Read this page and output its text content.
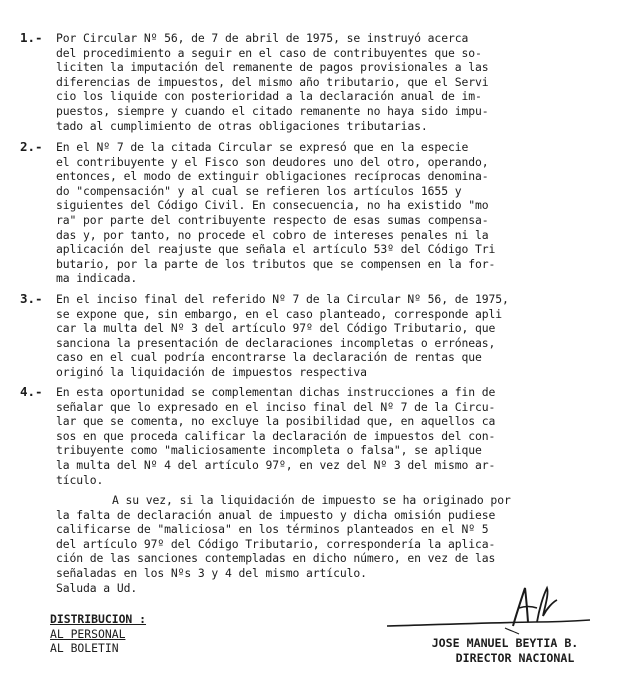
1.- Por Circular Nº 56, de 7 de abril de 1975, se instruyó acerca
del procedimiento a seguir en el caso de contribuyentes que so-
liciten la imputación del remanente de pagos provisionales a las
diferencias de impuestos, del mismo año tributario, que el Servi
cio los liquide con posterioridad a la declaración anual de im-
puestos, siempre y cuando el citado remanente no haya sido impu-
tado al cumplimiento de otras obligaciones tributarias.
2.- En el Nº 7 de la citada Circular se expresó que en la especie
el contribuyente y el Fisco son deudores uno del otro, operando,
entonces, el modo de extinguir obligaciones recíprocas denomina-
do "compensación" y al cual se refieren los artículos 1655 y
siguientes del Código Civil. En consecuencia, no ha existido "mo
ra" por parte del contribuyente respecto de esas sumas compensa-
das y, por tanto, no procede el cobro de intereses penales ni la
aplicación del reajuste que señala el artículo 53º del Código Tri
butario, por la parte de los tributos que se compensen en la for-
ma indicada.
3.- En el inciso final del referido Nº 7 de la Circular Nº 56, de 1975,
se expone que, sin embargo, en el caso planteado, corresponde apli
car la multa del Nº 3 del artículo 97º del Código Tributario, que
sanciona la presentación de declaraciones incompletas o erróneas,
caso en el cual podría encontrarse la declaración de rentas que
originó la liquidación de impuestos respectiva
4.- En esta oportunidad se complementan dichas instrucciones a fin de
señalar que lo expresado en el inciso final del Nº 7 de la Circu-
lar que se comenta, no excluye la posibilidad que, en aquellos ca
sos en que proceda calificar la declaración de impuestos del con-
tribuyente como "maliciosamente incompleta o falsa", se aplique
la multa del Nº 4 del artículo 97º, en vez del Nº 3 del mismo ar-
tículo.
A su vez, si la liquidación de impuesto se ha originado por
la falta de declaración anual de impuesto y dicha omisión pudiese
calificarse de "maliciosa" en los términos planteados en el Nº 5
del artículo 97º del Código Tributario, correspondería la aplica-
ción de las sanciones contempladas en dicho número, en vez de las
señaladas en los Nºs 3 y 4 del mismo artículo.
Saluda a Ud.
DISTRIBUCION :
AL PERSONAL
AL BOLETIN	JOSE MANUEL BEYTIA B.
DIRECTOR NACIONAL
